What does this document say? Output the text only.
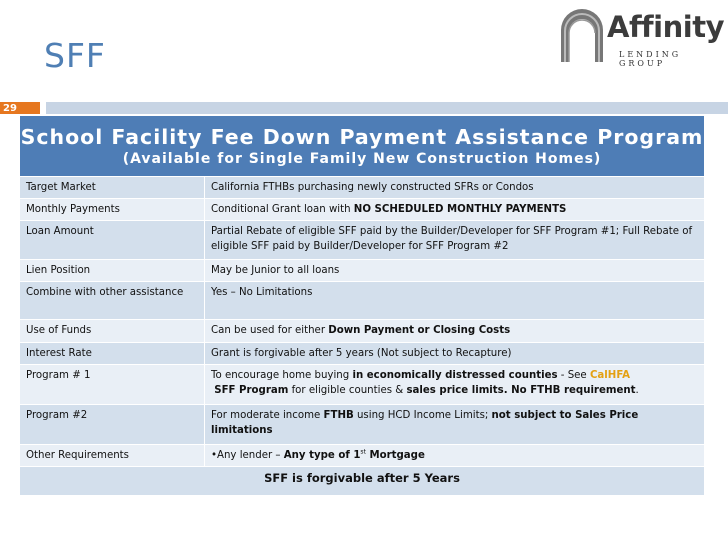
SFF
Affinity
LENDING GROUP
29
School Facility Fee Down Payment Assistance Program
(Available for Single Family New Construction Homes)
Target Market	California FTHBs purchasing newly constructed SFRs or Condos
Monthly Payments	Conditional Grant loan with NO SCHEDULED MONTHLY PAYMENTS
Loan Amount	Partial Rebate of eligible SFF paid by the Builder/Developer for SFF Program #1; Full Rebate of eligible SFF paid by Builder/Developer for SFF Program #2
Lien Position	May be Junior to all loans
Combine with other assistance	Yes – No Limitations
Use of Funds	Can be used for either Down Payment or Closing Costs
Interest Rate	Grant is forgivable after 5 years (Not subject to Recapture)
Program # 1	To encourage home buying in economically distressed counties - See CalHFA
SFF Program for eligible counties & sales price limits. No FTHB requirement.
Program #2	For moderate income FTHB using HCD Income Limits; not subject to Sales Price limitations
Other Requirements	•Any lender – Any type of 1st Mortgage
SFF is forgivable after 5 Years	
